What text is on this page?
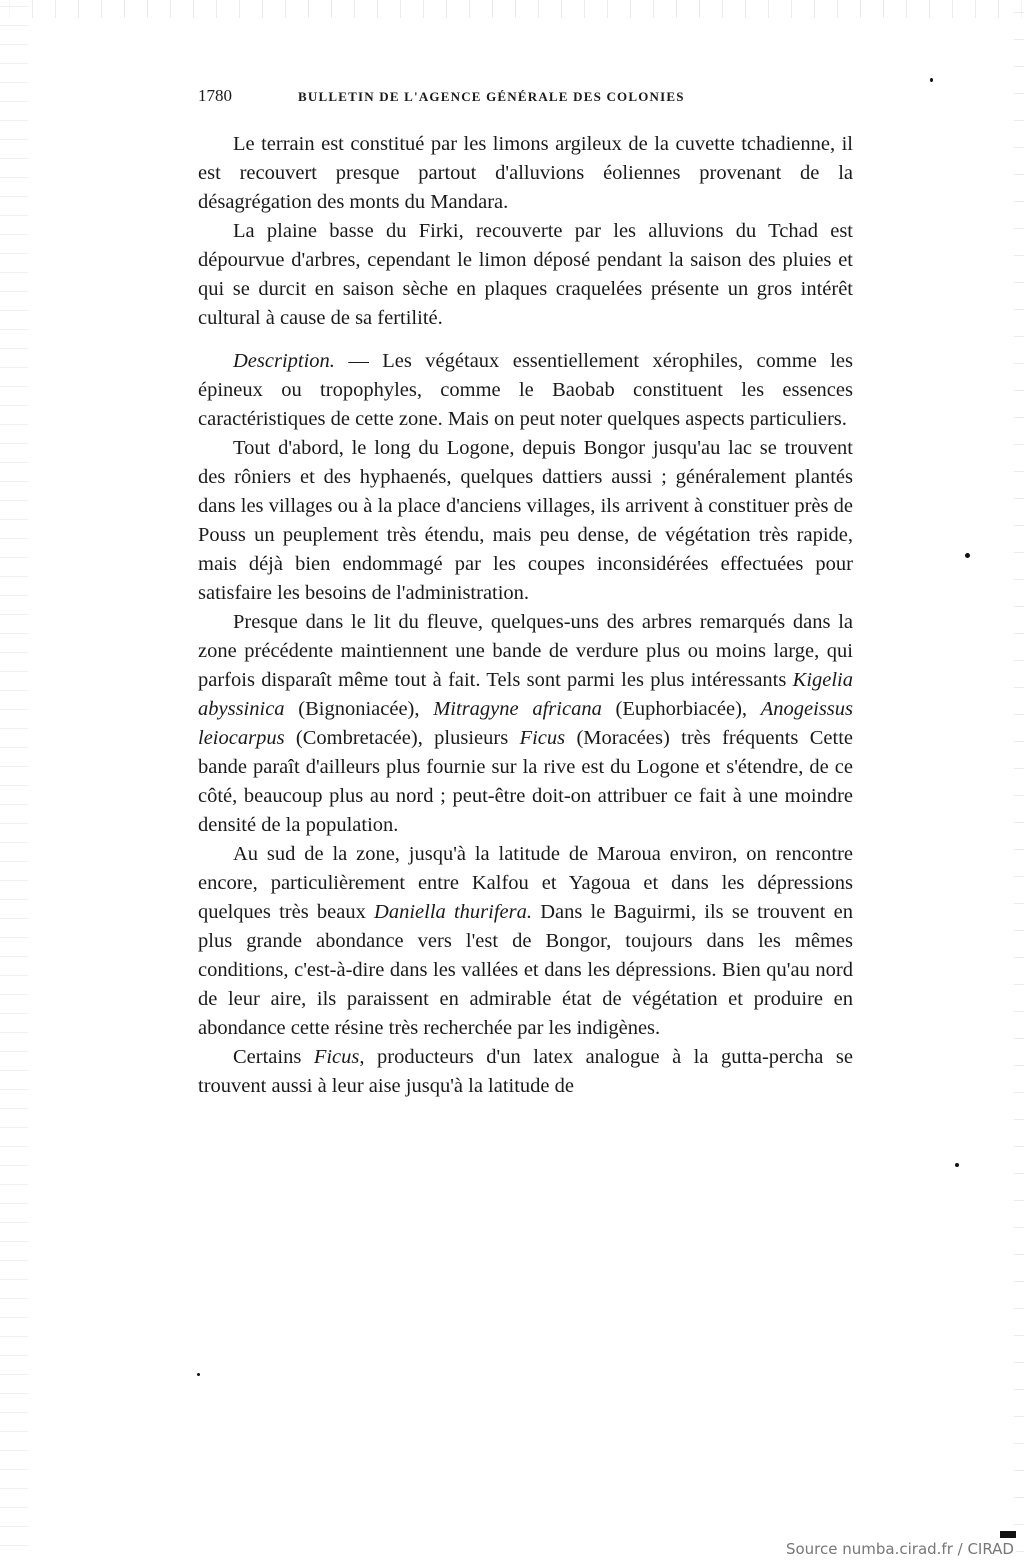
1780	BULLETIN DE L'AGENCE GÉNÉRALE DES COLONIES

Le terrain est constitué par les limons argileux de la cuvette tchadienne, il est recouvert presque partout d'alluvions éoliennes provenant de la désagrégation des monts du Mandara.

La plaine basse du Firki, recouverte par les alluvions du Tchad est dépourvue d'arbres, cependant le limon déposé pendant la saison des pluies et qui se durcit en saison sèche en plaques craquelées présente un gros intérêt cultural à cause de sa fertilité.

Description. — Les végétaux essentiellement xérophiles, comme les épineux ou tropophyles, comme le Baobab constituent les essences caractéristiques de cette zone. Mais on peut noter quelques aspects particuliers.

Tout d'abord, le long du Logone, depuis Bongor jusqu'au lac se trouvent des rôniers et des hyphaenés, quelques dattiers aussi ; généralement plantés dans les villages ou à la place d'anciens villages, ils arrivent à constituer près de Pouss un peuplement très étendu, mais peu dense, de végétation très rapide, mais déjà bien endommagé par les coupes inconsidérées effectuées pour satisfaire les besoins de l'administration.

Presque dans le lit du fleuve, quelques-uns des arbres remarqués dans la zone précédente maintiennent une bande de verdure plus ou moins large, qui parfois disparaît même tout à fait. Tels sont parmi les plus intéressants Kigelia abyssinica (Bignoniacée), Mitragyne africana (Euphorbiacée), Anogeissus leiocarpus (Combretacée), plusieurs Ficus (Moracées) très fréquents Cette bande paraît d'ailleurs plus fournie sur la rive est du Logone et s'étendre, de ce côté, beaucoup plus au nord ; peut-être doit-on attribuer ce fait à une moindre densité de la population.

Au sud de la zone, jusqu'à la latitude de Maroua environ, on rencontre encore, particulièrement entre Kalfou et Yagoua et dans les dépressions quelques très beaux Daniella thurifera. Dans le Baguirmi, ils se trouvent en plus grande abondance vers l'est de Bongor, toujours dans les mêmes conditions, c'est-à-dire dans les vallées et dans les dépressions. Bien qu'au nord de leur aire, ils paraissent en admirable état de végétation et produire en abondance cette résine très recherchée par les indigènes.

Certains Ficus, producteurs d'un latex analogue à la gutta-percha se trouvent aussi à leur aise jusqu'à la latitude de

Source numba.cirad.fr / CIRAD
